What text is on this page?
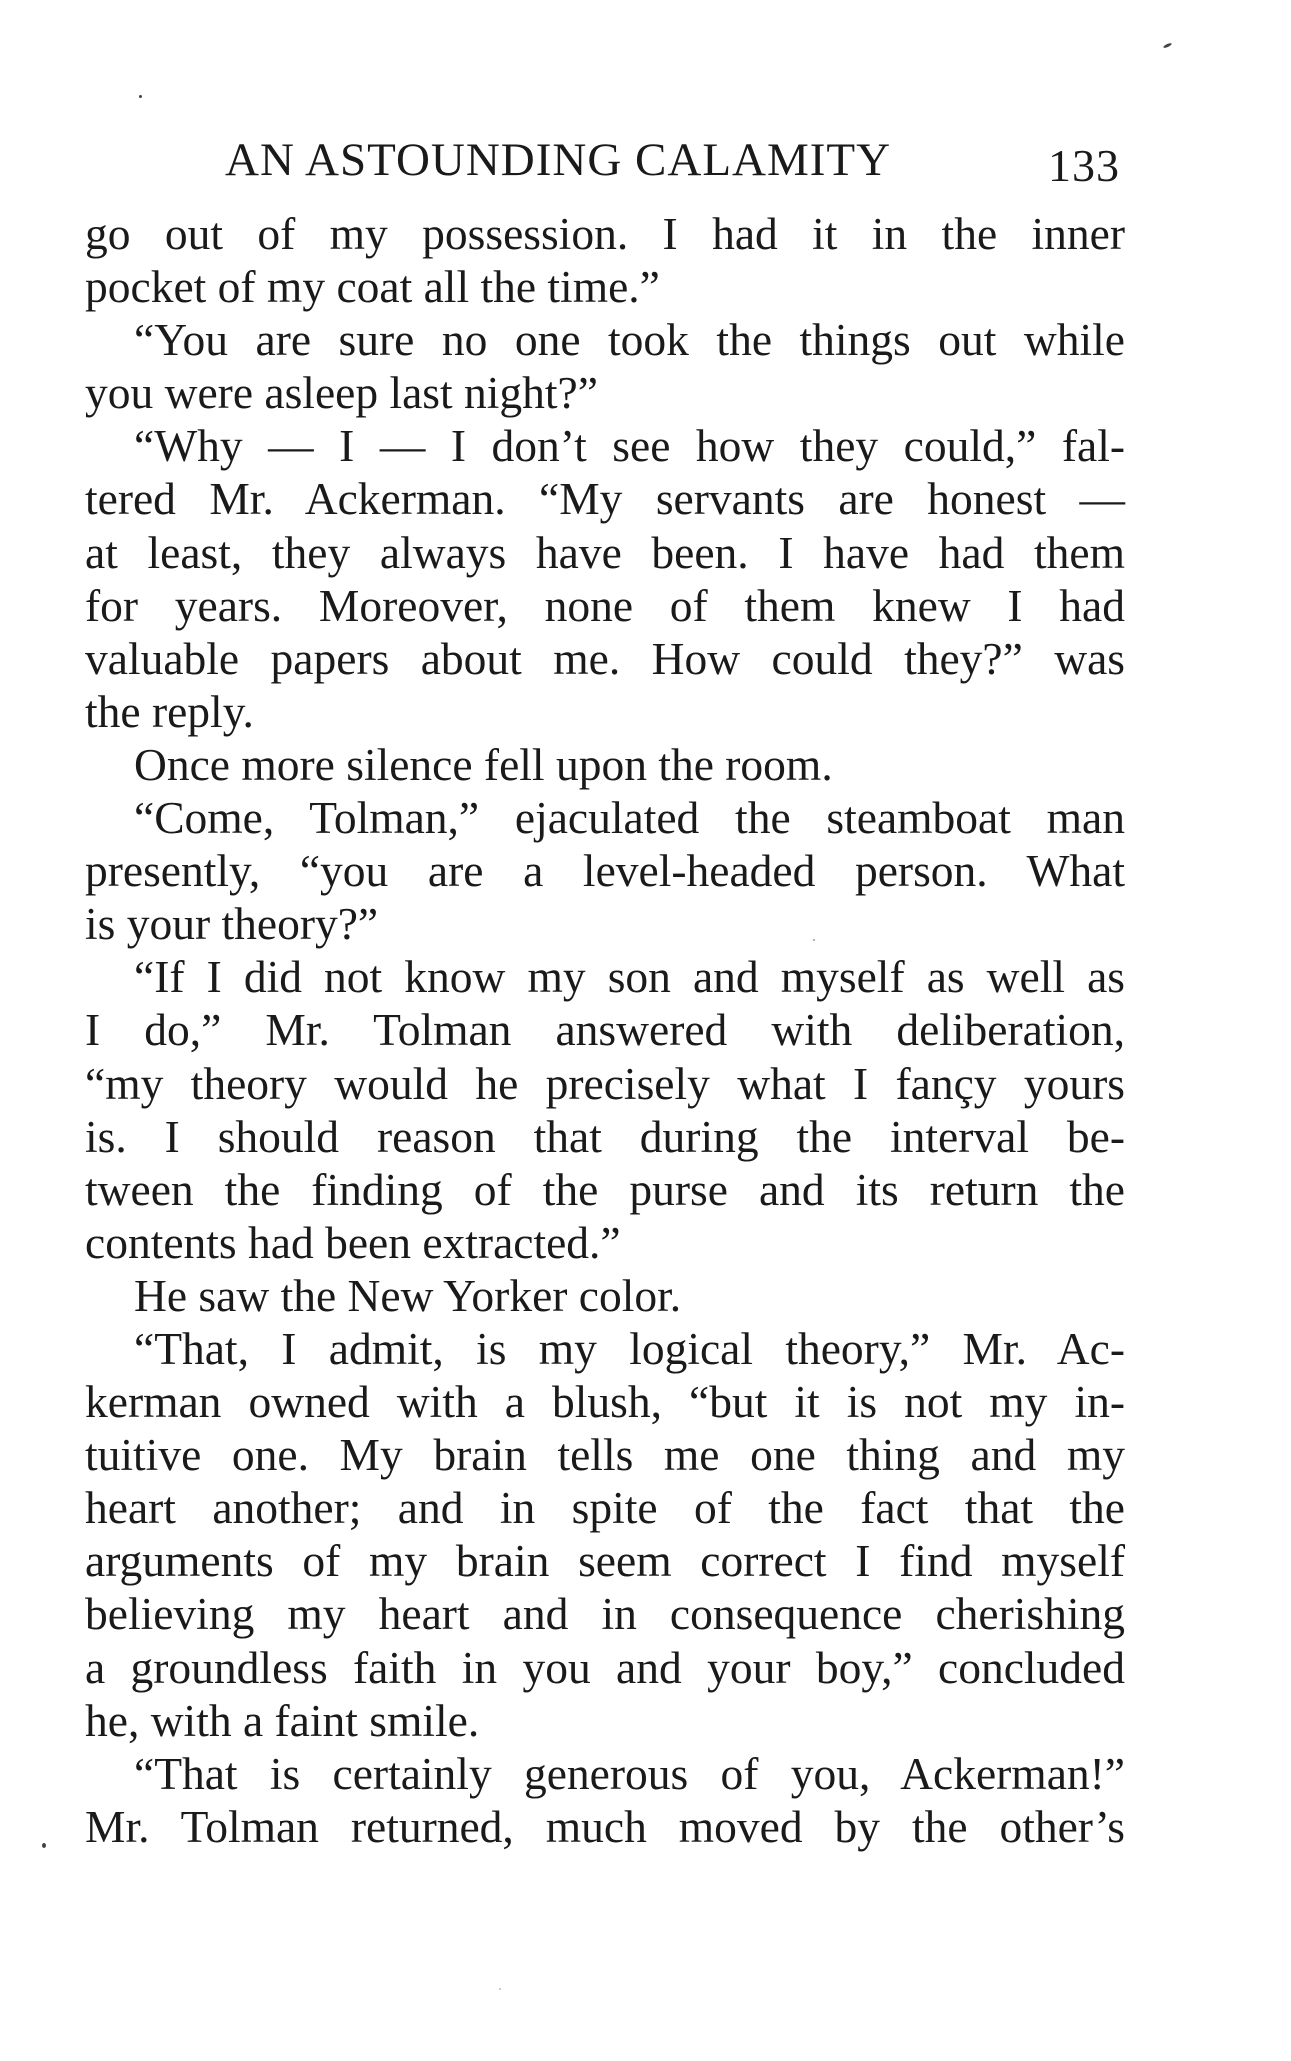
AN ASTOUNDING CALAMITY	133
go out of my possession. I had it in the inner
pocket of my coat all the time.”
“You are sure no one took the things out while
you were asleep last night?”
“Why — I — I don’t see how they could,” fal-
tered Mr. Ackerman. “My servants are honest —
at least, they always have been. I have had them
for years. Moreover, none of them knew I had
valuable papers about me. How could they?” was
the reply.
Once more silence fell upon the room.
“Come, Tolman,” ejaculated the steamboat man
presently, “you are a level-headed person. What
is your theory?”
“If I did not know my son and myself as well as
I do,” Mr. Tolman answered with deliberation,
“my theory would he precisely what I fançy yours
is. I should reason that during the interval be-
tween the finding of the purse and its return the
contents had been extracted.”
He saw the New Yorker color.
“That, I admit, is my logical theory,” Mr. Ac-
kerman owned with a blush, “but it is not my in-
tuitive one. My brain tells me one thing and my
heart another; and in spite of the fact that the
arguments of my brain seem correct I find myself
believing my heart and in consequence cherishing
a groundless faith in you and your boy,” concluded
he, with a faint smile.
“That is certainly generous of you, Ackerman!”
Mr. Tolman returned, much moved by the other’s
